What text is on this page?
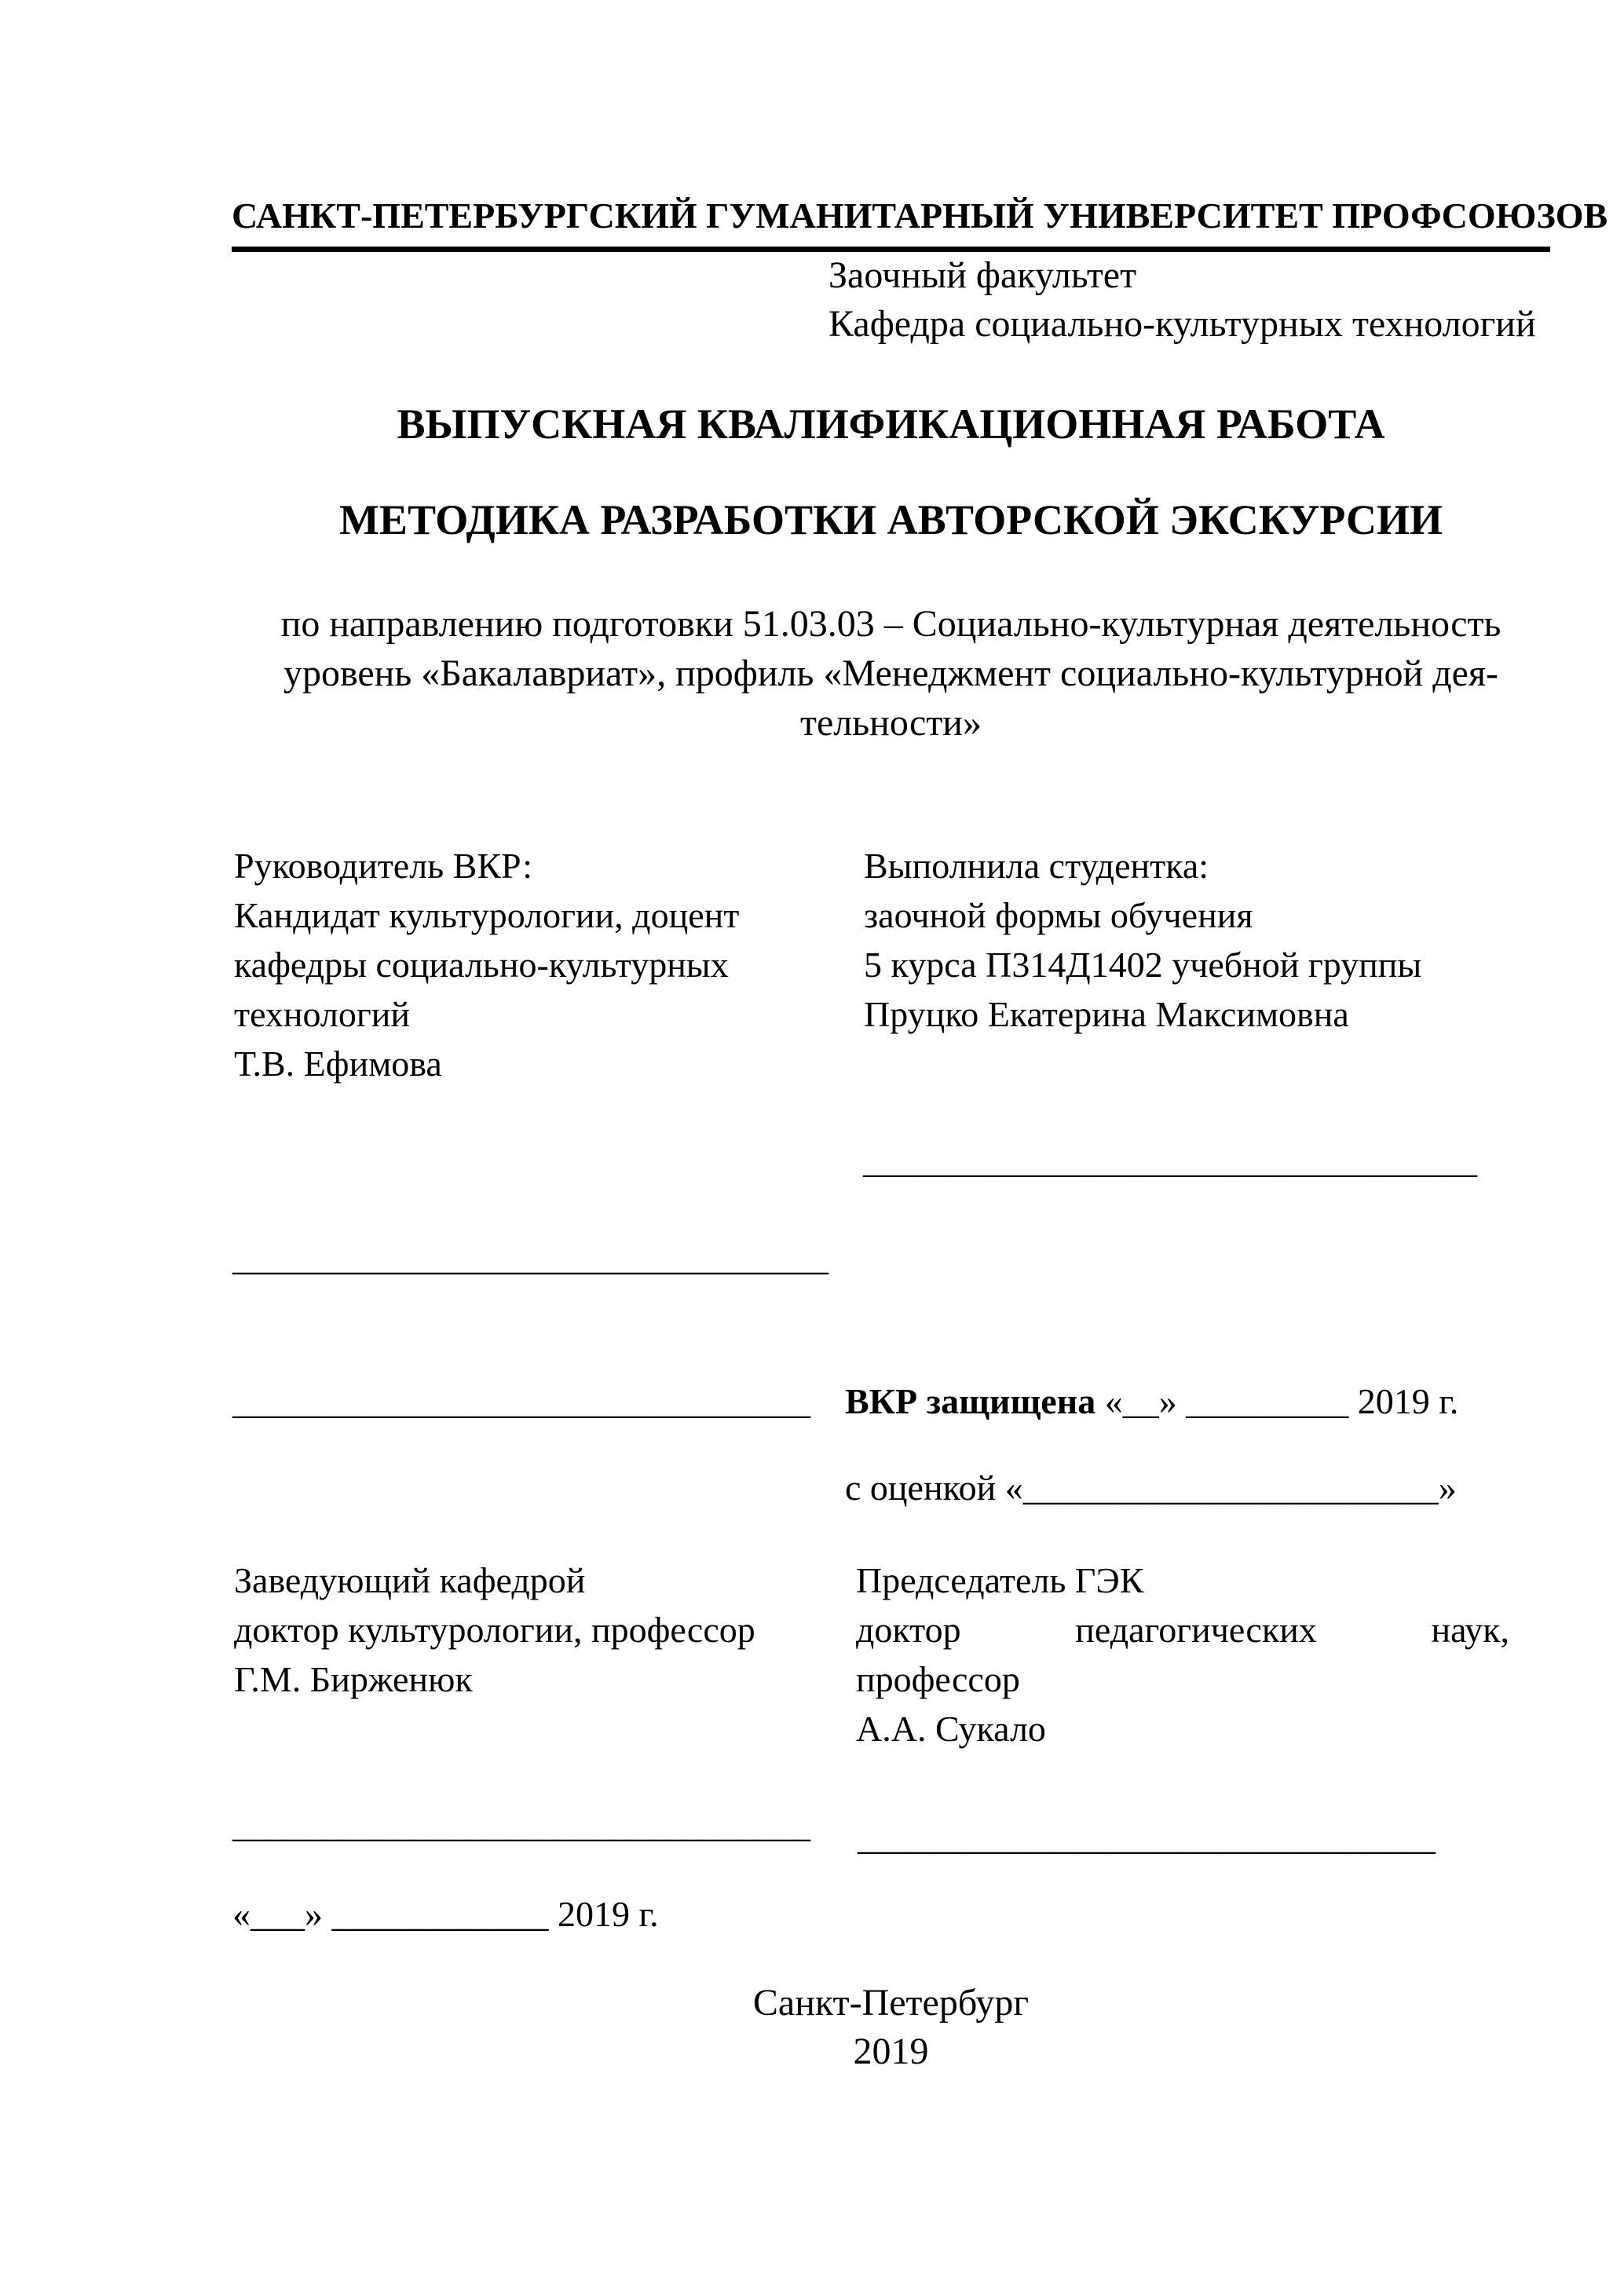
САНКТ-ПЕТЕРБУРГСКИЙ ГУМАНИТАРНЫЙ УНИВЕРСИТЕТ ПРОФСОЮЗОВ
Заочный факультет
Кафедра социально-культурных технологий
ВЫПУСКНАЯ КВАЛИФИКАЦИОННАЯ РАБОТА
МЕТОДИКА РАЗРАБОТКИ АВТОРСКОЙ ЭКСКУРСИИ
по направлению подготовки 51.03.03 – Социально-культурная деятельность
уровень «Бакалавриат», профиль «Менеджмент социально-культурной дея-
тельности»
Руководитель ВКР:
Кандидат культурологии, доцент
кафедры социально-культурных
технологий
Т.В. Ефимова
Выполнила студентка:
заочной формы обучения
5 курса П314Д1402 учебной группы
Пруцко Екатерина Максимовна
__________________________________
_________________________________
________________________________ ВКР защищена «__» _________ 2019 г.
с оценкой «_______________________»
Заведующий кафедрой
доктор культурологии, профессор
Г.М. Бирженюк
Председатель ГЭК
доктор	педагогических	наук,
профессор
А.А. Сукало
________________________________ ________________________________
«___» ____________ 2019 г.
Санкт-Петербург
2019
